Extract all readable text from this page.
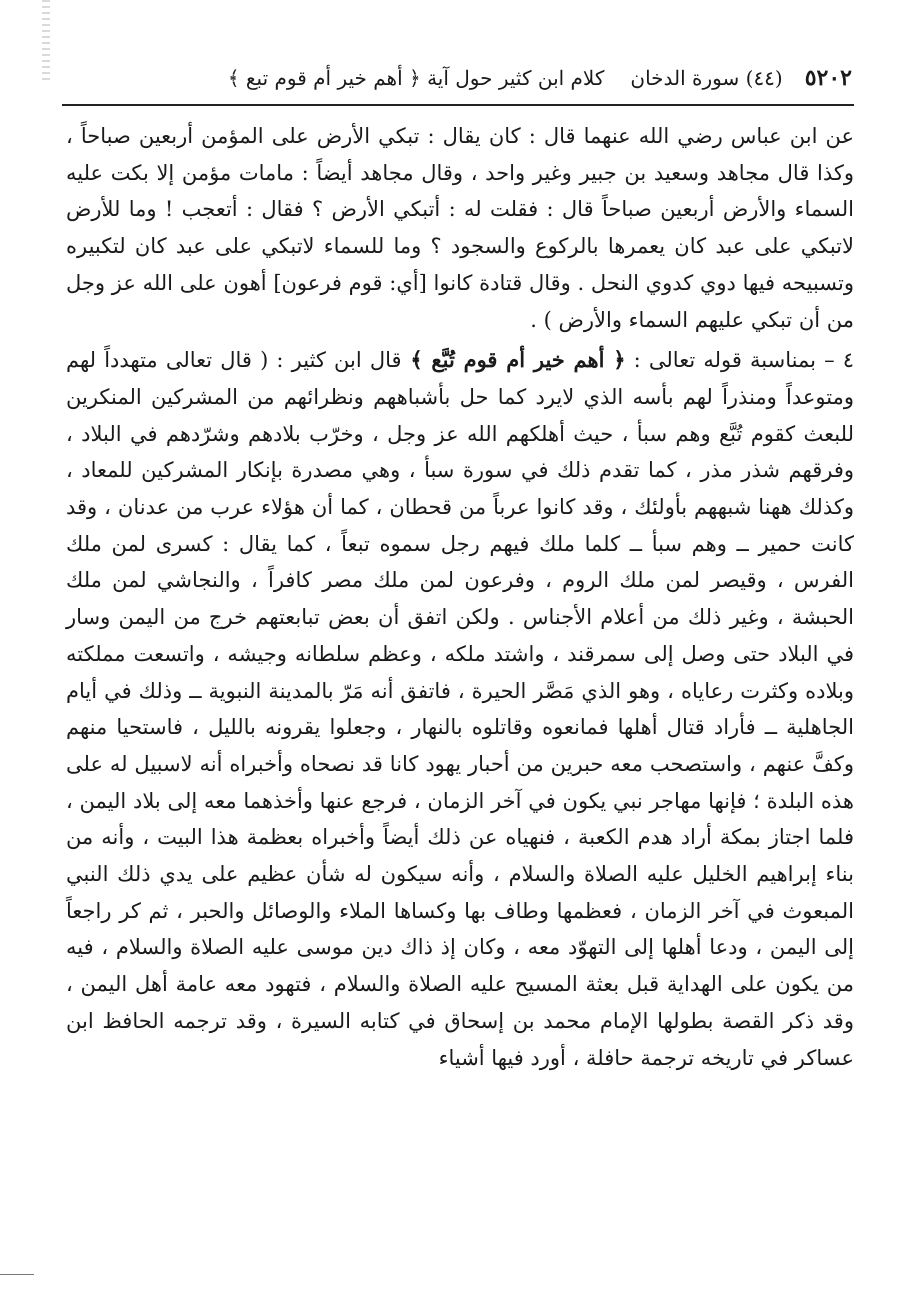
٥٢٠٢
(٤٤) سورة الدخان
كلام ابن كثير حول آية ﴿ أهم خير أم قوم تبع ﴾

عن ابن عباس رضي الله عنهما قال : كان يقال : تبكي الأرض على المؤمن أربعين صباحاً ، وكذا قال مجاهد وسعيد بن جبير وغير واحد ، وقال مجاهد أيضاً : مامات مؤمن إلا بكت عليه السماء والأرض أربعين صباحاً قال : فقلت له : أتبكي الأرض ؟ فقال : أتعجب ! وما للأرض لاتبكي على عبد كان يعمرها بالركوع والسجود ؟ وما للسماء لاتبكي على عبد كان لتكبيره وتسبيحه فيها دوي كدوي النحل . وقال قتادة كانوا [أي: قوم فرعون] أهون على الله عز وجل من أن تبكي عليهم السماء والأرض ) .

٤ – بمناسبة قوله تعالى : ﴿ أهم خير أم قوم تُبَّع ﴾ قال ابن كثير : ( قال تعالى متهدداً لهم ومتوعداً ومنذراً لهم بأسه الذي لايرد كما حل بأشباههم ونظرائهم من المشركين المنكرين للبعث كقوم تُبَّع وهم سبأ ، حيث أهلكهم الله عز وجل ، وخرّب بلادهم وشرّدهم في البلاد ، وفرقهم شذر مذر ، كما تقدم ذلك في سورة سبأ ، وهي مصدرة بإنكار المشركين للمعاد ، وكذلك ههنا شبههم بأولئك ، وقد كانوا عرباً من قحطان ، كما أن هؤلاء عرب من عدنان ، وقد كانت حمير ــ وهم سبأ ــ كلما ملك فيهم رجل سموه تبعاً ، كما يقال : كسرى لمن ملك الفرس ، وقيصر لمن ملك الروم ، وفرعون لمن ملك مصر كافراً ، والنجاشي لمن ملك الحبشة ، وغير ذلك من أعلام الأجناس . ولكن اتفق أن بعض تبابعتهم خرج من اليمن وسار في البلاد حتى وصل إلى سمرقند ، واشتد ملكه ، وعظم سلطانه وجيشه ، واتسعت مملكته وبلاده وكثرت رعاياه ، وهو الذي مَصَّر الحيرة ، فاتفق أنه مَرّ بالمدينة النبوية ــ وذلك في أيام الجاهلية ــ فأراد قتال أهلها فمانعوه وقاتلوه بالنهار ، وجعلوا يقرونه بالليل ، فاستحيا منهم وكفَّ عنهم ، واستصحب معه حبرين من أحبار يهود كانا قد نصحاه وأخبراه أنه لاسبيل له على هذه البلدة ؛ فإنها مهاجر نبي يكون في آخر الزمان ، فرجع عنها وأخذهما معه إلى بلاد اليمن ، فلما اجتاز بمكة أراد هدم الكعبة ، فنهياه عن ذلك أيضاً وأخبراه بعظمة هذا البيت ، وأنه من بناء إبراهيم الخليل عليه الصلاة والسلام ، وأنه سيكون له شأن عظيم على يدي ذلك النبي المبعوث في آخر الزمان ، فعظمها وطاف بها وكساها الملاء والوصائل والحبر ، ثم كر راجعاً إلى اليمن ، ودعا أهلها إلى التهوّد معه ، وكان إذ ذاك دين موسى عليه الصلاة والسلام ، فيه من يكون على الهداية قبل بعثة المسيح عليه الصلاة والسلام ، فتهود معه عامة أهل اليمن ، وقد ذكر القصة بطولها الإمام محمد بن إسحاق في كتابه السيرة ، وقد ترجمه الحافظ ابن عساكر في تاريخه ترجمة حافلة ، أورد فيها أشياء
